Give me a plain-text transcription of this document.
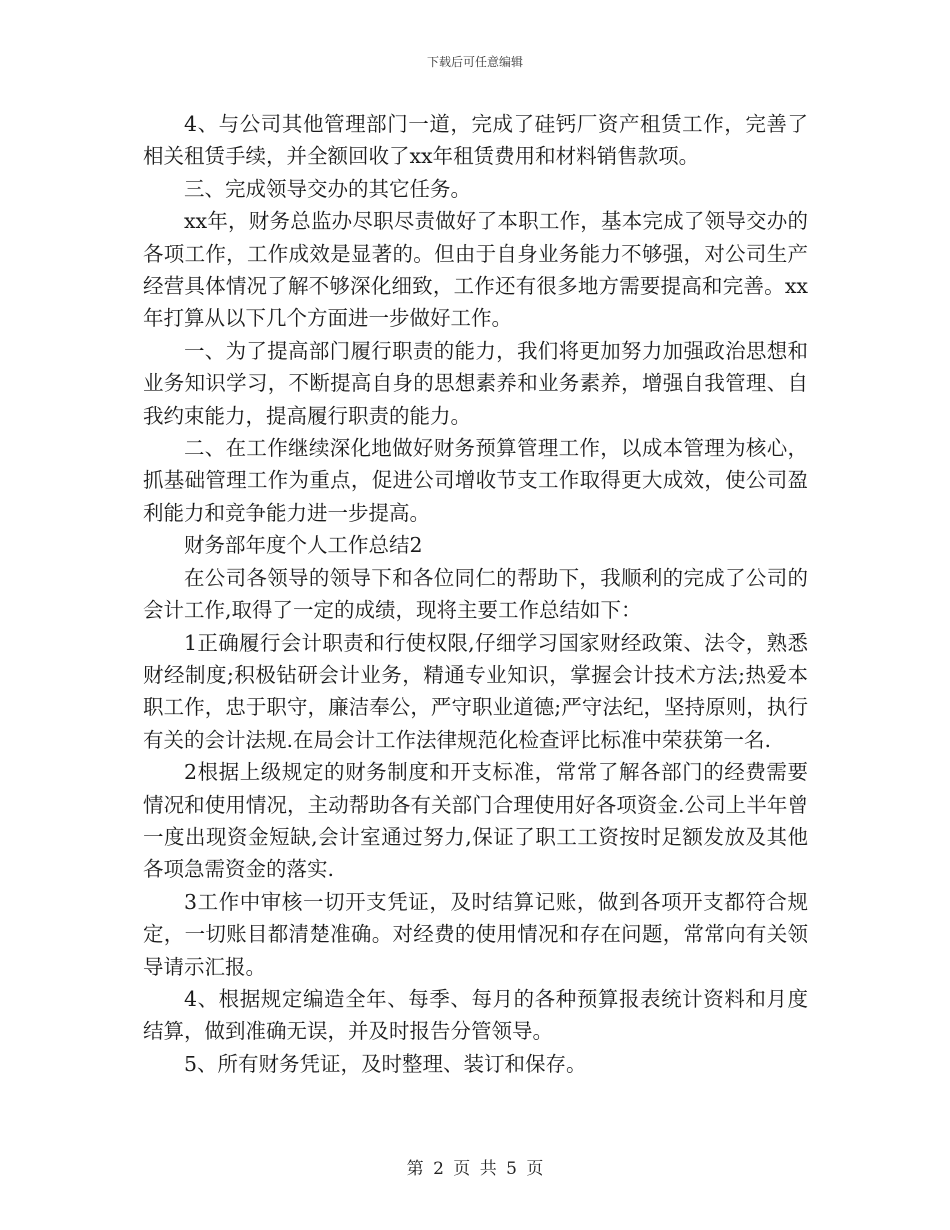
下载后可任意编辑

4、与公司其他管理部门一道，完成了硅钙厂资产租赁工作，完善了相关租赁手续，并全额回收了xx年租赁费用和材料销售款项。

三、完成领导交办的其它任务。

xx年，财务总监办尽职尽责做好了本职工作，基本完成了领导交办的各项工作，工作成效是显著的。但由于自身业务能力不够强，对公司生产经营具体情况了解不够深化细致，工作还有很多地方需要提高和完善。xx年打算从以下几个方面进一步做好工作。

一、为了提高部门履行职责的能力，我们将更加努力加强政治思想和业务知识学习，不断提高自身的思想素养和业务素养，增强自我管理、自我约束能力，提高履行职责的能力。

二、在工作继续深化地做好财务预算管理工作，以成本管理为核心，抓基础管理工作为重点，促进公司增收节支工作取得更大成效，使公司盈利能力和竞争能力进一步提高。

财务部年度个人工作总结2

在公司各领导的领导下和各位同仁的帮助下，我顺利的完成了公司的会计工作,取得了一定的成绩，现将主要工作总结如下：

1正确履行会计职责和行使权限,仔细学习国家财经政策、法令，熟悉财经制度;积极钻研会计业务，精通专业知识，掌握会计技术方法;热爱本职工作，忠于职守，廉洁奉公，严守职业道德;严守法纪，坚持原则，执行有关的会计法规.在局会计工作法律规范化检查评比标准中荣获第一名.

2根据上级规定的财务制度和开支标准，常常了解各部门的经费需要情况和使用情况，主动帮助各有关部门合理使用好各项资金.公司上半年曾一度出现资金短缺,会计室通过努力,保证了职工工资按时足额发放及其他各项急需资金的落实.

3工作中审核一切开支凭证，及时结算记账，做到各项开支都符合规定，一切账目都清楚准确。对经费的使用情况和存在问题，常常向有关领导请示汇报。

4、根据规定编造全年、每季、每月的各种预算报表统计资料和月度结算，做到准确无误，并及时报告分管领导。

5、所有财务凭证，及时整理、装订和保存。

第 2 页 共 5 页
